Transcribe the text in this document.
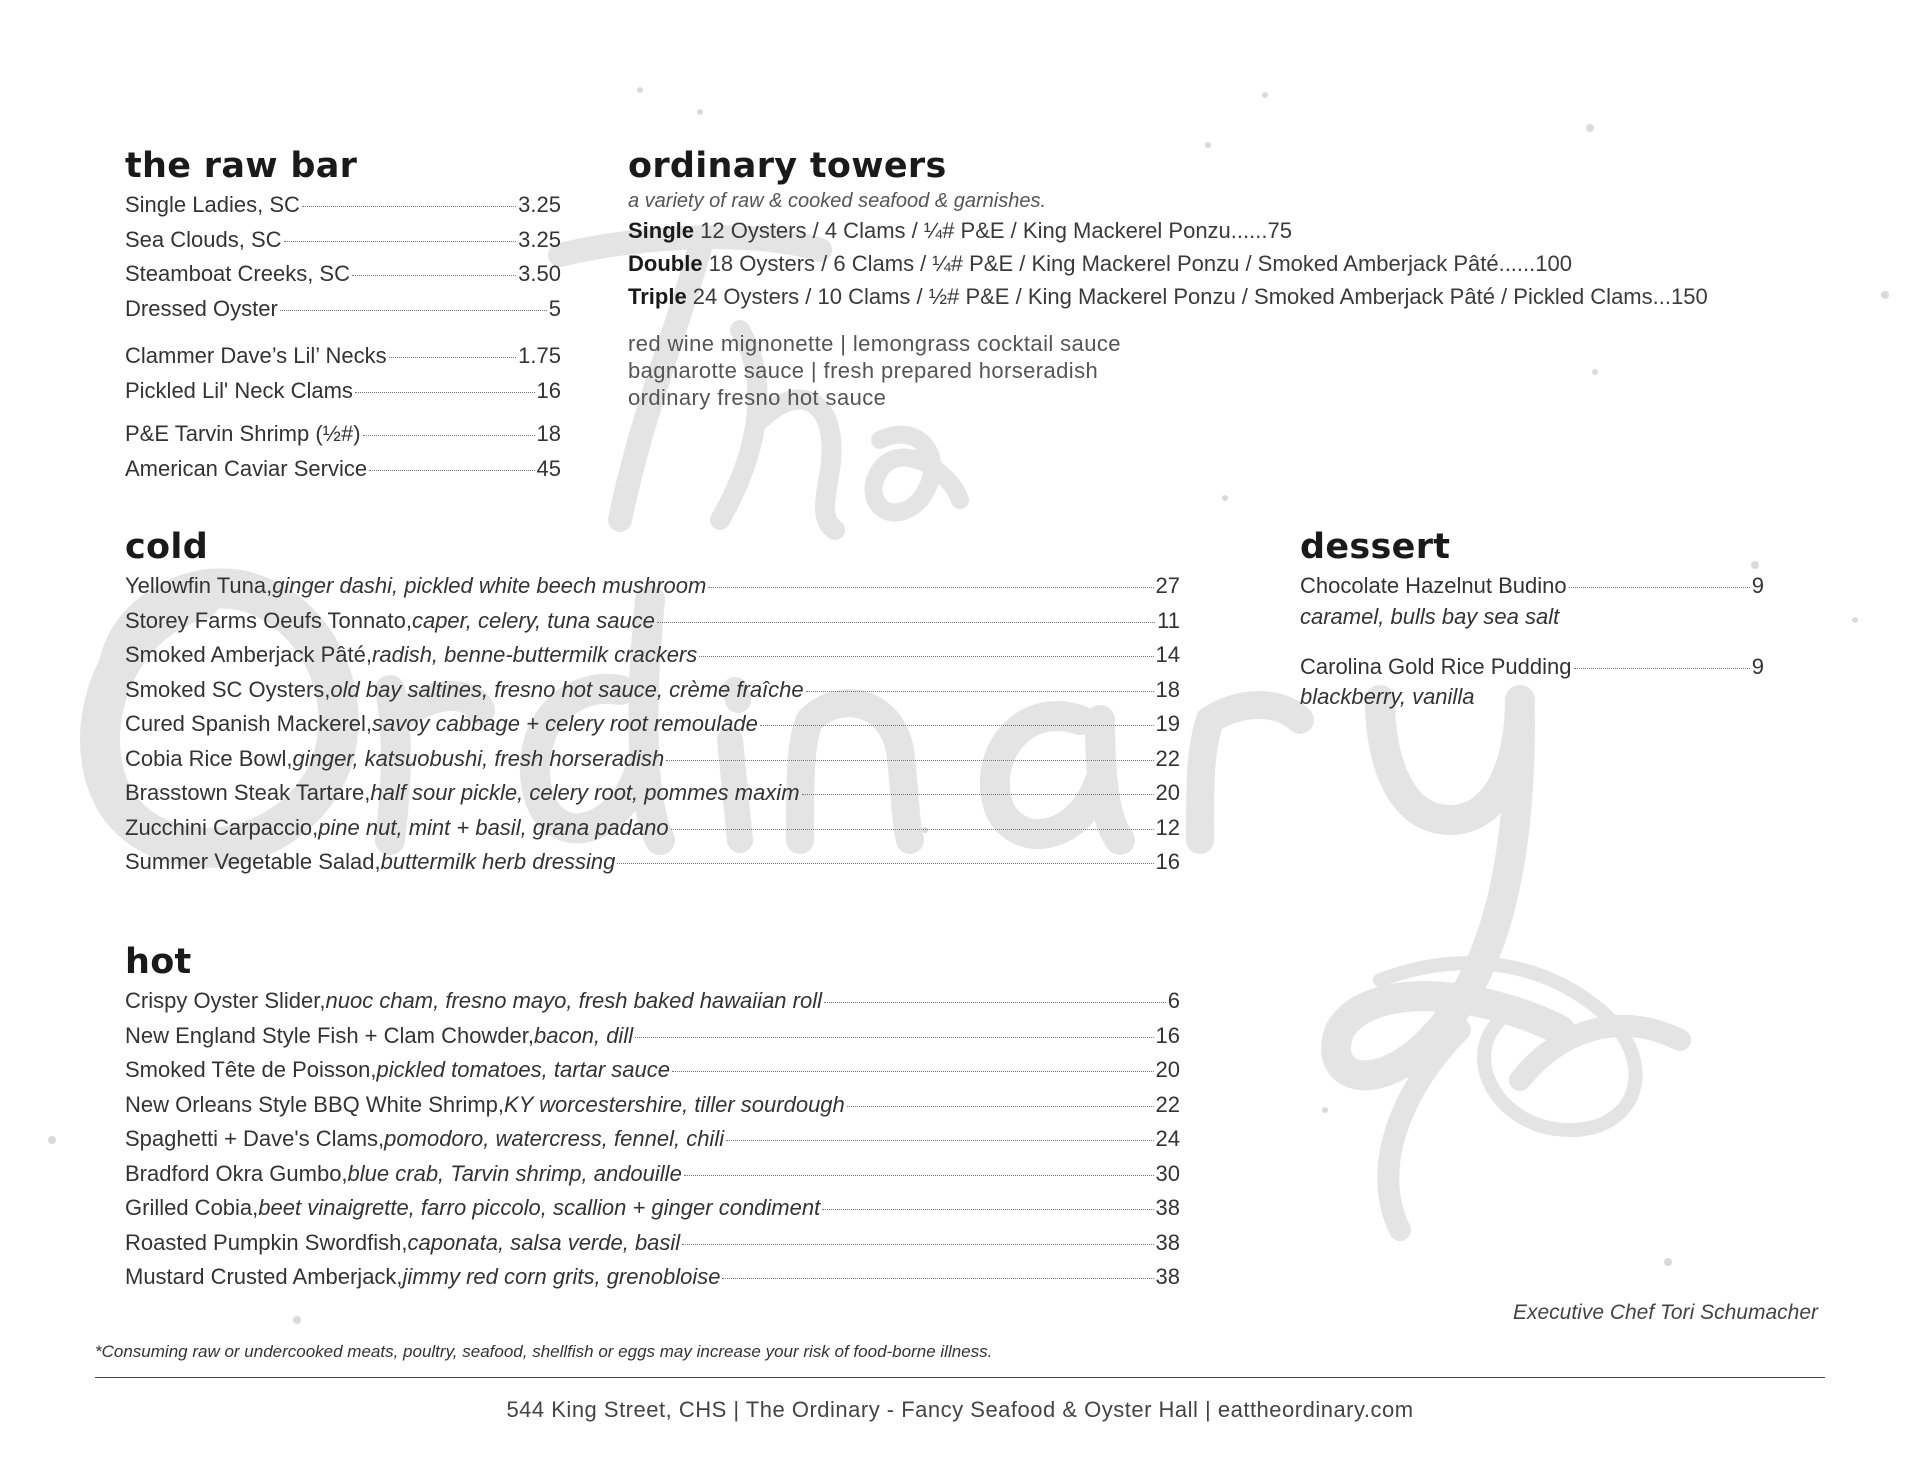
the raw bar
Single Ladies, SC	3.25
Sea Clouds, SC	3.25
Steamboat Creeks, SC	3.50
Dressed Oyster	5
Clammer Dave’s Lil’ Necks	1.75
Pickled Lil' Neck Clams	16
P&E Tarvin Shrimp (½#)	18
American Caviar Service	45
ordinary towers
a variety of raw & cooked seafood & garnishes.
Single 12 Oysters / 4 Clams / ¼# P&E / King Mackerel Ponzu......75
Double 18 Oysters / 6 Clams / ¼# P&E / King Mackerel Ponzu / Smoked Amberjack Pâté......100
Triple 24 Oysters / 10 Clams / ½# P&E / King Mackerel Ponzu / Smoked Amberjack Pâté / Pickled Clams...150
red wine mignonette | lemongrass cocktail sauce
bagnarotte sauce | fresh prepared horseradish
ordinary fresno hot sauce
cold
Yellowfin Tuna, ginger dashi, pickled white beech mushroom	27
Storey Farms Oeufs Tonnato, caper, celery, tuna sauce	11
Smoked Amberjack Pâté, radish, benne-buttermilk crackers	14
Smoked SC Oysters, old bay saltines, fresno hot sauce, crème fraîche	18
Cured Spanish Mackerel, savoy cabbage + celery root remoulade	19
Cobia Rice Bowl, ginger, katsuobushi, fresh horseradish	22
Brasstown Steak Tartare, half sour pickle, celery root, pommes maxim	20
Zucchini Carpaccio, pine nut, mint + basil, grana padano	12
Summer Vegetable Salad, buttermilk herb dressing	16
dessert
Chocolate Hazelnut Budino	9
caramel, bulls bay sea salt
Carolina Gold Rice Pudding	9
blackberry, vanilla
hot
Crispy Oyster Slider, nuoc cham, fresno mayo, fresh baked hawaiian roll	6
New England Style Fish + Clam Chowder, bacon, dill	16
Smoked Tête de Poisson, pickled tomatoes, tartar sauce	20
New Orleans Style BBQ White Shrimp, KY worcestershire, tiller sourdough	22
Spaghetti + Dave's Clams, pomodoro, watercress, fennel, chili	24
Bradford Okra Gumbo, blue crab, Tarvin shrimp, andouille	30
Grilled Cobia, beet vinaigrette, farro piccolo, scallion + ginger condiment	38
Roasted Pumpkin Swordfish, caponata, salsa verde, basil	38
Mustard Crusted Amberjack, jimmy red corn grits, grenobloise	38
Executive Chef Tori Schumacher
*Consuming raw or undercooked meats, poultry, seafood, shellfish or eggs may increase your risk of food-borne illness.
544 King Street, CHS | The Ordinary - Fancy Seafood & Oyster Hall | eattheordinary.com
